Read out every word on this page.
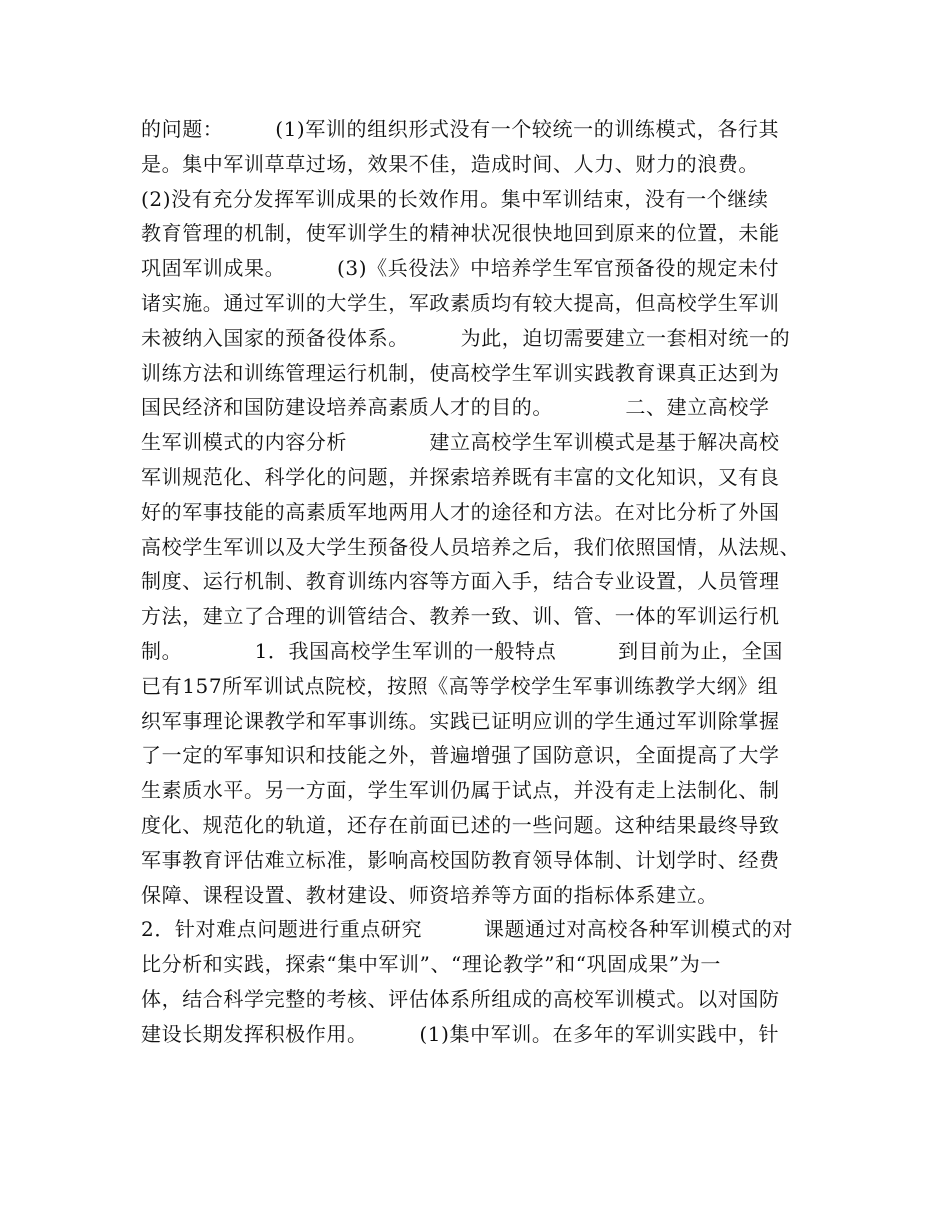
的问题：　　　(1)军训的组织形式没有一个较统一的训练模式，各行其
是。集中军训草草过场，效果不佳，造成时间、人力、财力的浪费。
(2)没有充分发挥军训成果的长效作用。集中军训结束，没有一个继续
教育管理的机制，使军训学生的精神状况很快地回到原来的位置，未能
巩固军训成果。　　　(3)《兵役法》中培养学生军官预备役的规定未付
诸实施。通过军训的大学生，军政素质均有较大提高，但高校学生军训
未被纳入国家的预备役体系。　　　为此，迫切需要建立一套相对统一的
训练方法和训练管理运行机制，使高校学生军训实践教育课真正达到为
国民经济和国防建设培养高素质人才的目的。　　　　二、建立高校学
生军训模式的内容分析　　　　建立高校学生军训模式是基于解决高校
军训规范化、科学化的问题，并探索培养既有丰富的文化知识，又有良
好的军事技能的高素质军地两用人才的途径和方法。在对比分析了外国
高校学生军训以及大学生预备役人员培养之后，我们依照国情，从法规、
制度、运行机制、教育训练内容等方面入手，结合专业设置，人员管理
方法，建立了合理的训管结合、教养一致、训、管、一体的军训运行机
制。　　　　1．我国高校学生军训的一般特点　　　到目前为止，全国
已有157所军训试点院校，按照《高等学校学生军事训练教学大纲》组
织军事理论课教学和军事训练。实践已证明应训的学生通过军训除掌握
了一定的军事知识和技能之外，普遍增强了国防意识，全面提高了大学
生素质水平。另一方面，学生军训仍属于试点，并没有走上法制化、制
度化、规范化的轨道，还存在前面已述的一些问题。这种结果最终导致
军事教育评估难立标准，影响高校国防教育领导体制、计划学时、经费
保障、课程设置、教材建设、师资培养等方面的指标体系建立。
2．针对难点问题进行重点研究　　　课题通过对高校各种军训模式的对
比分析和实践，探索“集中军训”、“理论教学”和“巩固成果”为一
体，结合科学完整的考核、评估体系所组成的高校军训模式。以对国防
建设长期发挥积极作用。　　　(1)集中军训。在多年的军训实践中，针
